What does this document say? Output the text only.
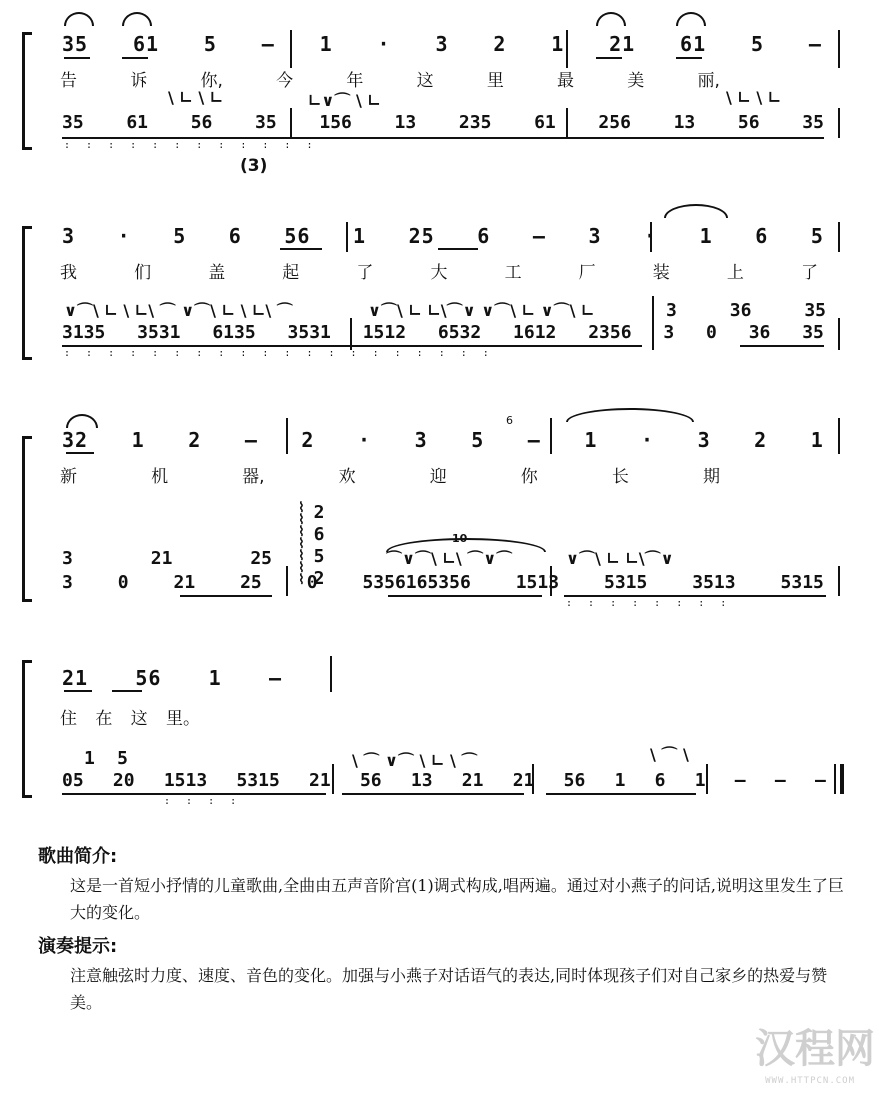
35 61 5 – 1 · 3 2 1 21 61 5 –
告	诉	你,	今	年	这	里	最	美	丽,
\ ∟ \ ∟	∟∨⌒ \ ∟	\ ∟ \ ∟
35 61 56 35 156 13 235 61 256 13 56 35
: : : : : : : : : : : :
(3)
3 · 5 6 56 1 25 6 – 3 · 1 6 5
我	们	盖	起	了	大	工	厂	装	上	了
∨⌒\ ∟ \ ∟\ ⌒ ∨⌒\ ∟ \ ∟\ ⌒	∨⌒\ ∟ ∟\⌒∨ ∨⌒\ ∟ ∨⌒\ ∟	3	36	35
3135 3531 6135 3531 1512 6532 1612 2356 3 0 36 35
: : : : : : : : : : : : : : : : : : : :
32 1 2 – 2 · 3 5 – 1 · 3 2 1
6
新	机	器,	欢	迎	你	长	期
2
6
5
2
⌇
⌇
⌇
⌇
⌇
⌇
⌇
10
⌒∨⌒\ ∟\ ⌒∨⌒	∨⌒\ ∟ ∟\⌒∨
3	21	25
3 0 21 25 0 5356165356 1513 5315 3513 5315
: : : : : : : :
21 56 1 –
住 在 这 里。
1 5	\ ⌒ ∨⌒ \ ∟ \ ⌒	\ ⌒ \
05 20 1513 5315 21 56 13 21 21 56 1 6 1 – – –
: : : :
歌曲简介:
这是一首短小抒情的儿童歌曲,全曲由五声音阶宫(1)调式构成,唱两遍。通过对小燕子的问话,说明这里发生了巨大的变化。
演奏提示:
注意触弦时力度、速度、音色的变化。加强与小燕子对话语气的表达,同时体现孩子们对自己家乡的热爱与赞美。
汉程网
WWW.HTTPCN.COM
